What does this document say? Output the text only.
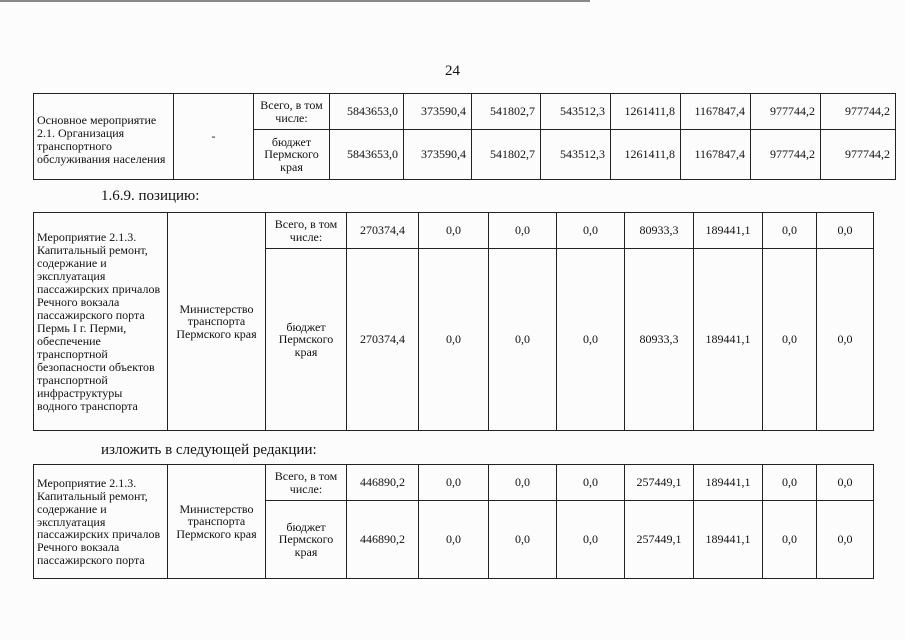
24
Основное мероприятие 2.1. Организация транспортного обслуживания населения	-	Всего, в том числе:	5843653,0	373590,4	541802,7	543512,3	1261411,8	1167847,4	977744,2	977744,2
		бюджет Пермского края	5843653,0	373590,4	541802,7	543512,3	1261411,8	1167847,4	977744,2	977744,2
1.6.9. позицию:
Мероприятие 2.1.3. Капитальный ремонт, содержание и эксплуатация пассажирских причалов Речного вокзала пассажирского порта Пермь I г. Перми, обеспечение транспортной безопасности объектов транспортной инфраструктуры водного транспорта	Министерство транспорта Пермского края	Всего, в том числе:	270374,4	0,0	0,0	0,0	80933,3	189441,1	0,0	0,0
		бюджет Пермского края	270374,4	0,0	0,0	0,0	80933,3	189441,1	0,0	0,0
изложить в следующей редакции:
Мероприятие 2.1.3. Капитальный ремонт, содержание и эксплуатация пассажирских причалов Речного вокзала пассажирского порта	Министерство транспорта Пермского края	Всего, в том числе:	446890,2	0,0	0,0	0,0	257449,1	189441,1	0,0	0,0
		бюджет Пермского края	446890,2	0,0	0,0	0,0	257449,1	189441,1	0,0	0,0
